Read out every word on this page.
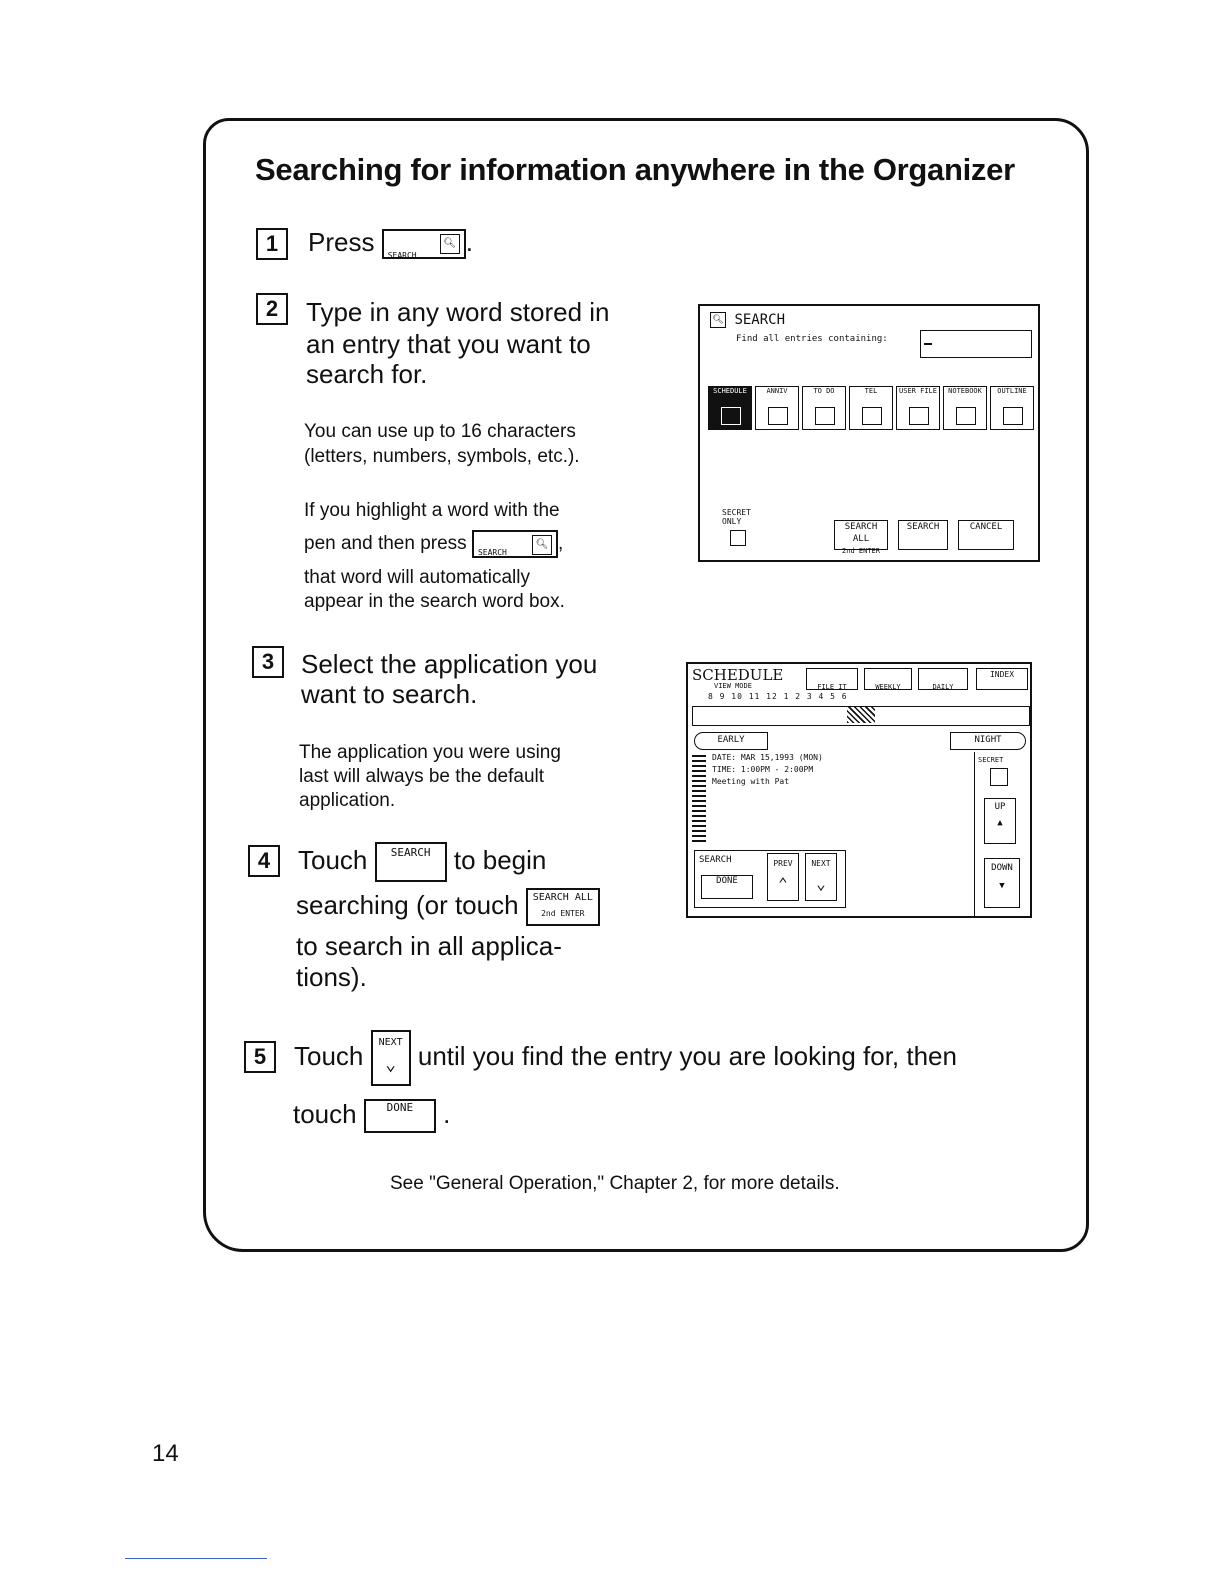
Searching for information anywhere in the Organizer
1	Press SEARCH
🔍︎ .
2	Type in any word stored in
an entry that you want to
search for.
You can use up to 16 characters
(letters, numbers, symbols, etc.).
If you highlight a word with the
pen and then press SEARCH
🔍︎ ,
that word will automatically
appear in the search word box.
🔍︎ SEARCH
Find all entries containing:
SCHEDULE	ANNIV	TO DO	TEL	USER FILE	NOTEBOOK	OUTLINE
SECRET
ONLY
SEARCH ALL
2nd ENTER
SEARCH	CANCEL
3	Select the application you
want to search.
The application you were using
last will always be the default
application.
SCHEDULE
VIEW MODE	FILE IT	WEEKLY	DAILY
INDEX
8 9 10 11 12 1 2 3 4 5 6
EARLY	NIGHT
DATE: MAR 15,1993 (MON)
TIME: 1:00PM - 2:00PM
Meeting with Pat
SECRET
UP
▲
DOWN
▼
SEARCH
DONE
PREV
⌃
NEXT
⌄
4	Touch SEARCH to begin
searching (or touch	SEARCH ALL
2nd ENTER
to search in all applica-
tions).
5	Touch	NEXT
⌄ until you find the entry you are looking for, then
touch	DONE .
See "General Operation," Chapter 2, for more details.
14
